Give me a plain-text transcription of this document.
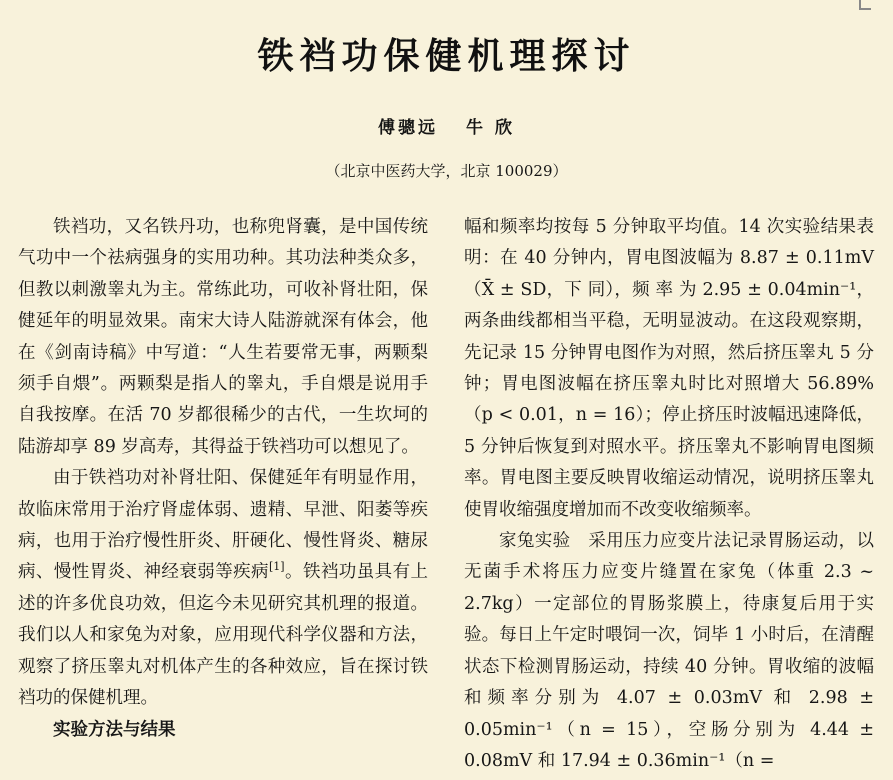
铁裆功保健机理探讨
傅骢远 牛 欣
（北京中医药大学，北京 100029）

铁裆功，又名铁丹功，也称兜肾囊，是中国传统气功中一个祛病强身的实用功种。其功法种类众多，但教以刺激睾丸为主。常练此功，可收补肾壮阳，保健延年的明显效果。南宋大诗人陆游就深有体会，他在《剑南诗稿》中写道：“人生若要常无事，两颗梨须手自煨”。两颗梨是指人的睾丸，手自煨是说用手自我按摩。在活 70 岁都很稀少的古代，一生坎坷的陆游却享 89 岁高寿，其得益于铁裆功可以想见了。

由于铁裆功对补肾壮阳、保健延年有明显作用，故临床常用于治疗肾虚体弱、遗精、早泄、阳萎等疾病，也用于治疗慢性肝炎、肝硬化、慢性肾炎、糖尿病、慢性胃炎、神经衰弱等疾病[1]。铁裆功虽具有上述的许多优良功效，但迄今未见研究其机理的报道。我们以人和家兔为对象，应用现代科学仪器和方法，观察了挤压睾丸对机体产生的各种效应，旨在探讨铁裆功的保健机理。

实验方法与结果

幅和频率均按每 5 分钟取平均值。14 次实验结果表明：在 40 分钟内，胃电图波幅为 8.87 ± 0.11mV（X̄ ± SD，下 同），频 率 为 2.95 ± 0.04min⁻¹，两条曲线都相当平稳，无明显波动。在这段观察期，先记录 15 分钟胃电图作为对照，然后挤压睾丸 5 分钟；胃电图波幅在挤压睾丸时比对照增大 56.89%（p < 0.01，n = 16）；停止挤压时波幅迅速降低，5 分钟后恢复到对照水平。挤压睾丸不影响胃电图频率。胃电图主要反映胃收缩运动情况，说明挤压睾丸使胃收缩强度增加而不改变收缩频率。

家兔实验　采用压力应变片法记录胃肠运动，以无菌手术将压力应变片缝置在家兔（体重 2.3 ~ 2.7kg）一定部位的胃肠浆膜上，待康复后用于实验。每日上午定时喂饲一次，饲毕 1 小时后，在清醒状态下检测胃肠运动，持续 40 分钟。胃收缩的波幅和频率分别为 4.07 ± 0.03mV 和 2.98 ± 0.05min⁻¹（n = 15），空肠分别为 4.44 ± 0.08mV 和 17.94 ± 0.36min⁻¹（n =
